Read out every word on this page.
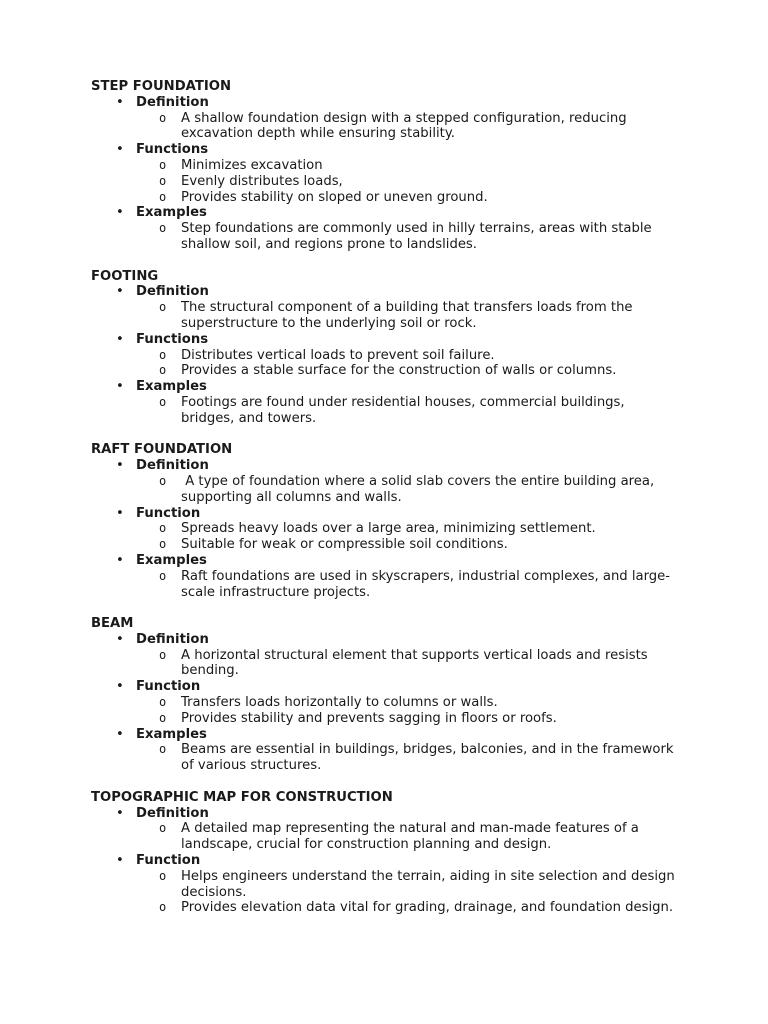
STEP FOUNDATION
• Definition
o A shallow foundation design with a stepped configuration, reducing excavation depth while ensuring stability.
• Functions
o Minimizes excavation
o Evenly distributes loads,
o Provides stability on sloped or uneven ground.
• Examples
o Step foundations are commonly used in hilly terrains, areas with stable shallow soil, and regions prone to landslides.
FOOTING
• Definition
o The structural component of a building that transfers loads from the superstructure to the underlying soil or rock.
• Functions
o Distributes vertical loads to prevent soil failure.
o Provides a stable surface for the construction of walls or columns.
• Examples
o Footings are found under residential houses, commercial buildings, bridges, and towers.
RAFT FOUNDATION
• Definition
o A type of foundation where a solid slab covers the entire building area, supporting all columns and walls.
• Function
o Spreads heavy loads over a large area, minimizing settlement.
o Suitable for weak or compressible soil conditions.
• Examples
o Raft foundations are used in skyscrapers, industrial complexes, and large-scale infrastructure projects.
BEAM
• Definition
o A horizontal structural element that supports vertical loads and resists bending.
• Function
o Transfers loads horizontally to columns or walls.
o Provides stability and prevents sagging in floors or roofs.
• Examples
o Beams are essential in buildings, bridges, balconies, and in the framework of various structures.
TOPOGRAPHIC MAP FOR CONSTRUCTION
• Definition
o A detailed map representing the natural and man-made features of a landscape, crucial for construction planning and design.
• Function
o Helps engineers understand the terrain, aiding in site selection and design decisions.
o Provides elevation data vital for grading, drainage, and foundation design.
